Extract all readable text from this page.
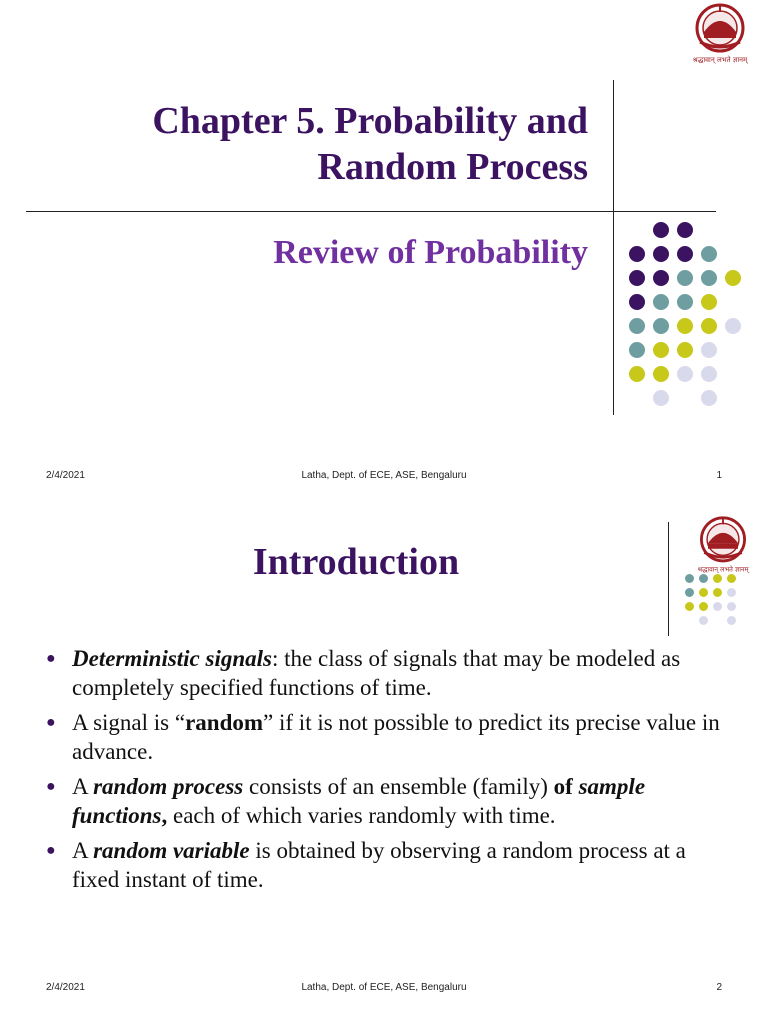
श्रद्धावान् लभते ज्ञानम्
Chapter 5. Probability and
Random Process
Review of Probability
2/4/2021	Latha, Dept. of ECE, ASE, Bengaluru	1
श्रद्धावान् लभते ज्ञानम्
Introduction
● Deterministic signals: the class of signals that may be modeled as completely specified functions of time.
● A signal is “random” if it is not possible to predict its precise value in advance.
● A random process consists of an ensemble (family) of sample functions, each of which varies randomly with time.
● A random variable is obtained by observing a random process at a fixed instant of time.
2/4/2021	Latha, Dept. of ECE, ASE, Bengaluru	2
